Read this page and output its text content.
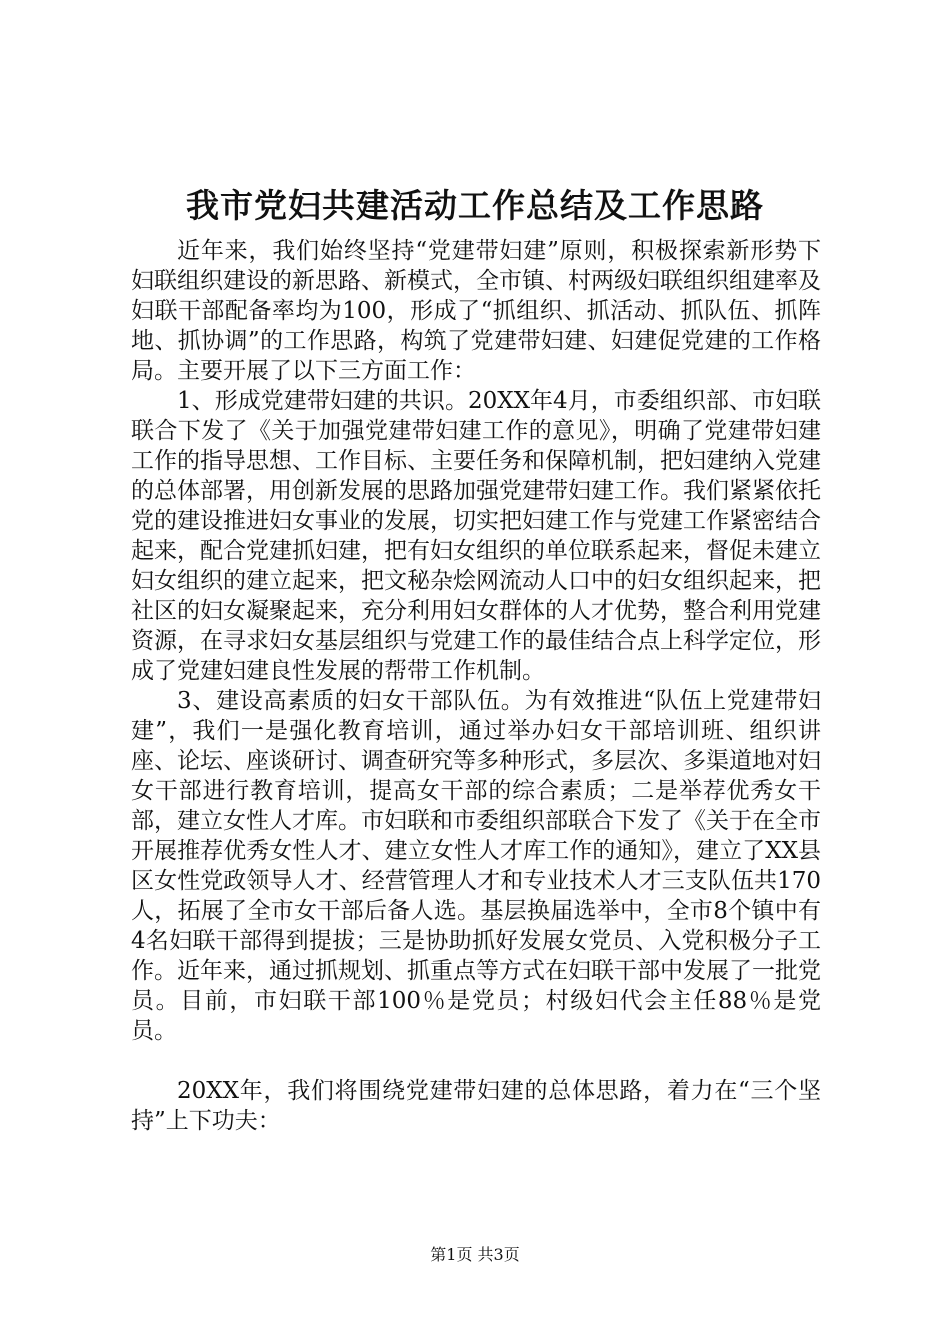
我市党妇共建活动工作总结及工作思路

近年来，我们始终坚持“党建带妇建”原则，积极探索新形势下妇联组织建设的新思路、新模式，全市镇、村两级妇联组织组建率及妇联干部配备率均为100，形成了“抓组织、抓活动、抓队伍、抓阵地、抓协调”的工作思路，构筑了党建带妇建、妇建促党建的工作格局。主要开展了以下三方面工作：

1、形成党建带妇建的共识。20XX年4月，市委组织部、市妇联联合下发了《关于加强党建带妇建工作的意见》，明确了党建带妇建工作的指导思想、工作目标、主要任务和保障机制，把妇建纳入党建的总体部署，用创新发展的思路加强党建带妇建工作。我们紧紧依托党的建设推进妇女事业的发展，切实把妇建工作与党建工作紧密结合起来，配合党建抓妇建，把有妇女组织的单位联系起来，督促未建立妇女组织的建立起来，把文秘杂烩网流动人口中的妇女组织起来，把社区的妇女凝聚起来，充分利用妇女群体的人才优势，整合利用党建资源，在寻求妇女基层组织与党建工作的最佳结合点上科学定位，形成了党建妇建良性发展的帮带工作机制。

3、建设高素质的妇女干部队伍。为有效推进“队伍上党建带妇建”，我们一是强化教育培训，通过举办妇女干部培训班、组织讲座、论坛、座谈研讨、调查研究等多种形式，多层次、多渠道地对妇女干部进行教育培训，提高女干部的综合素质；二是举荐优秀女干部，建立女性人才库。市妇联和市委组织部联合下发了《关于在全市开展推荐优秀女性人才、建立女性人才库工作的通知》，建立了XX县区女性党政领导人才、经营管理人才和专业技术人才三支队伍共170人，拓展了全市女干部后备人选。基层换届选举中，全市8个镇中有4名妇联干部得到提拔；三是协助抓好发展女党员、入党积极分子工作。近年来，通过抓规划、抓重点等方式在妇联干部中发展了一批党员。目前，市妇联干部100％是党员；村级妇代会主任88％是党员。

20XX年，我们将围绕党建带妇建的总体思路，着力在“三个坚持”上下功夫：

第1页 共3页
